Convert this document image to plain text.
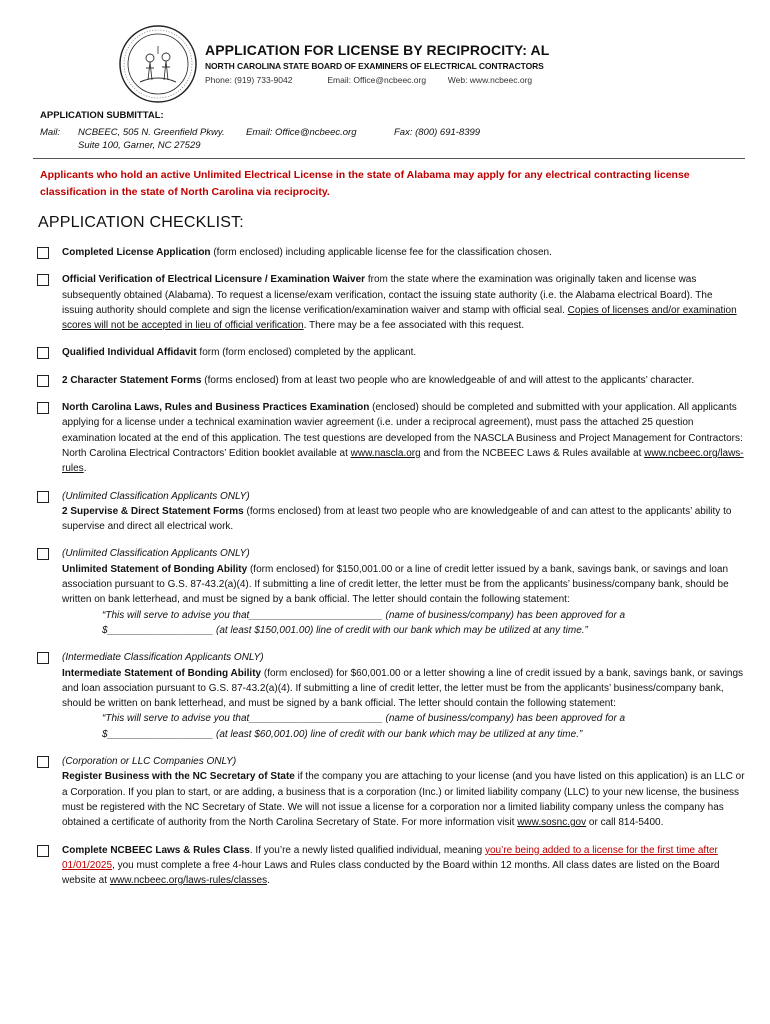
APPLICATION FOR LICENSE BY RECIPROCITY: AL
NORTH CAROLINA STATE BOARD OF EXAMINERS OF ELECTRICAL CONTRACTORS
Phone: (919) 733-9042	Email: Office@ncbeec.org	Web: www.ncbeec.org
APPLICATION SUBMITTAL:
Mail: NCBEEC, 505 N. Greenfield Pkwy. Email: Office@ncbeec.org	Fax: (800) 691-8399
Suite 100, Garner, NC 27529
Applicants who hold an active Unlimited Electrical License in the state of Alabama may apply for any electrical contracting license classification in the state of North Carolina via reciprocity.
APPLICATION CHECKLIST:
Completed License Application (form enclosed) including applicable license fee for the classification chosen.
Official Verification of Electrical Licensure / Examination Waiver from the state where the examination was originally taken and license was subsequently obtained (Alabama). To request a license/exam verification, contact the issuing state authority (i.e. the Alabama electrical Board). The issuing authority should complete and sign the license verification/examination waiver and stamp with official seal. Copies of licenses and/or examination scores will not be accepted in lieu of official verification. There may be a fee associated with this request.
Qualified Individual Affidavit form (form enclosed) completed by the applicant.
2 Character Statement Forms (forms enclosed) from at least two people who are knowledgeable of and will attest to the applicants’ character.
North Carolina Laws, Rules and Business Practices Examination (enclosed) should be completed and submitted with your application. All applicants applying for a license under a technical examination wavier agreement (i.e. under a reciprocal agreement), must pass the attached 25 question examination located at the end of this application. The test questions are developed from the NASCLA Business and Project Management for Contractors: North Carolina Electrical Contractors’ Edition booklet available at www.nascla.org and from the NCBEEC Laws & Rules available at www.ncbeec.org/laws-rules.
(Unlimited Classification Applicants ONLY)
2 Supervise & Direct Statement Forms (forms enclosed) from at least two people who are knowledgeable of and can attest to the applicants’ ability to supervise and direct all electrical work.
(Unlimited Classification Applicants ONLY)
Unlimited Statement of Bonding Ability (form enclosed) for $150,001.00 or a line of credit letter issued by a bank, savings bank, or savings and loan association pursuant to G.S. 87-43.2(a)(4). If submitting a line of credit letter, the letter must be from the applicants’ business/company bank, should be written on bank letterhead, and must be signed by a bank official. The letter should contain the following statement:
“This will serve to advise you that________________________ (name of business/company) has been approved for a
$___________________ (at least $150,001.00) line of credit with our bank which may be utilized at any time.”
(Intermediate Classification Applicants ONLY)
Intermediate Statement of Bonding Ability (form enclosed) for $60,001.00 or a letter showing a line of credit issued by a bank, savings bank, or savings and loan association pursuant to G.S. 87-43.2(a)(4). If submitting a line of credit letter, the letter must be from the applicants’ business/company bank, should be written on bank letterhead, and must be signed by a bank official. The letter should contain the following statement:
“This will serve to advise you that________________________ (name of business/company) has been approved for a
$___________________ (at least $60,001.00) line of credit with our bank which may be utilized at any time.”
(Corporation or LLC Companies ONLY)
Register Business with the NC Secretary of State if the company you are attaching to your license (and you have listed on this application) is an LLC or a Corporation. If you plan to start, or are adding, a business that is a corporation (Inc.) or limited liability company (LLC) to your new license, the business must be registered with the NC Secretary of State. We will not issue a license for a corporation nor a limited liability company unless the company has obtained a certificate of authority from the North Carolina Secretary of State. For more information visit www.sosnc.gov or call 814-5400.
Complete NCBEEC Laws & Rules Class. If you’re a newly listed qualified individual, meaning you’re being added to a license for the first time after 01/01/2025, you must complete a free 4-hour Laws and Rules class conducted by the Board within 12 months. All class dates are listed on the Board website at www.ncbeec.org/laws-rules/classes.
